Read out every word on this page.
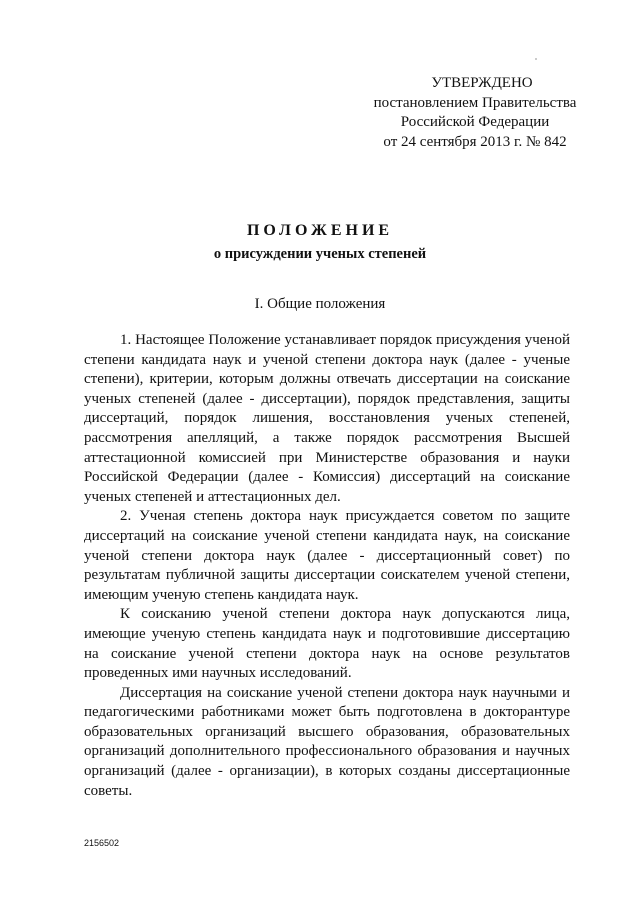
УТВЕРЖДЕНО
постановлением Правительства
Российской Федерации
от 24 сентября 2013 г. № 842
ПОЛОЖЕНИЕ
о присуждении ученых степеней
I. Общие положения

1. Настоящее Положение устанавливает порядок присуждения ученой степени кандидата наук и ученой степени доктора наук (далее - ученые степени), критерии, которым должны отвечать диссертации на соискание ученых степеней (далее - диссертации), порядок представления, защиты диссертаций, порядок лишения, восстановления ученых степеней, рассмотрения апелляций, а также порядок рассмотрения Высшей аттестационной комиссией при Министерстве образования и науки Российской Федерации (далее - Комиссия) диссертаций на соискание ученых степеней и аттестационных дел.

2. Ученая степень доктора наук присуждается советом по защите диссертаций на соискание ученой степени кандидата наук, на соискание ученой степени доктора наук (далее - диссертационный совет) по результатам публичной защиты диссертации соискателем ученой степени, имеющим ученую степень кандидата наук.

К соисканию ученой степени доктора наук допускаются лица, имеющие ученую степень кандидата наук и подготовившие диссертацию на соискание ученой степени доктора наук на основе результатов проведенных ими научных исследований.

Диссертация на соискание ученой степени доктора наук научными и педагогическими работниками может быть подготовлена в докторантуре образовательных организаций высшего образования, образовательных организаций дополнительного профессионального образования и научных организаций (далее - организации), в которых созданы диссертационные советы.

2156502
